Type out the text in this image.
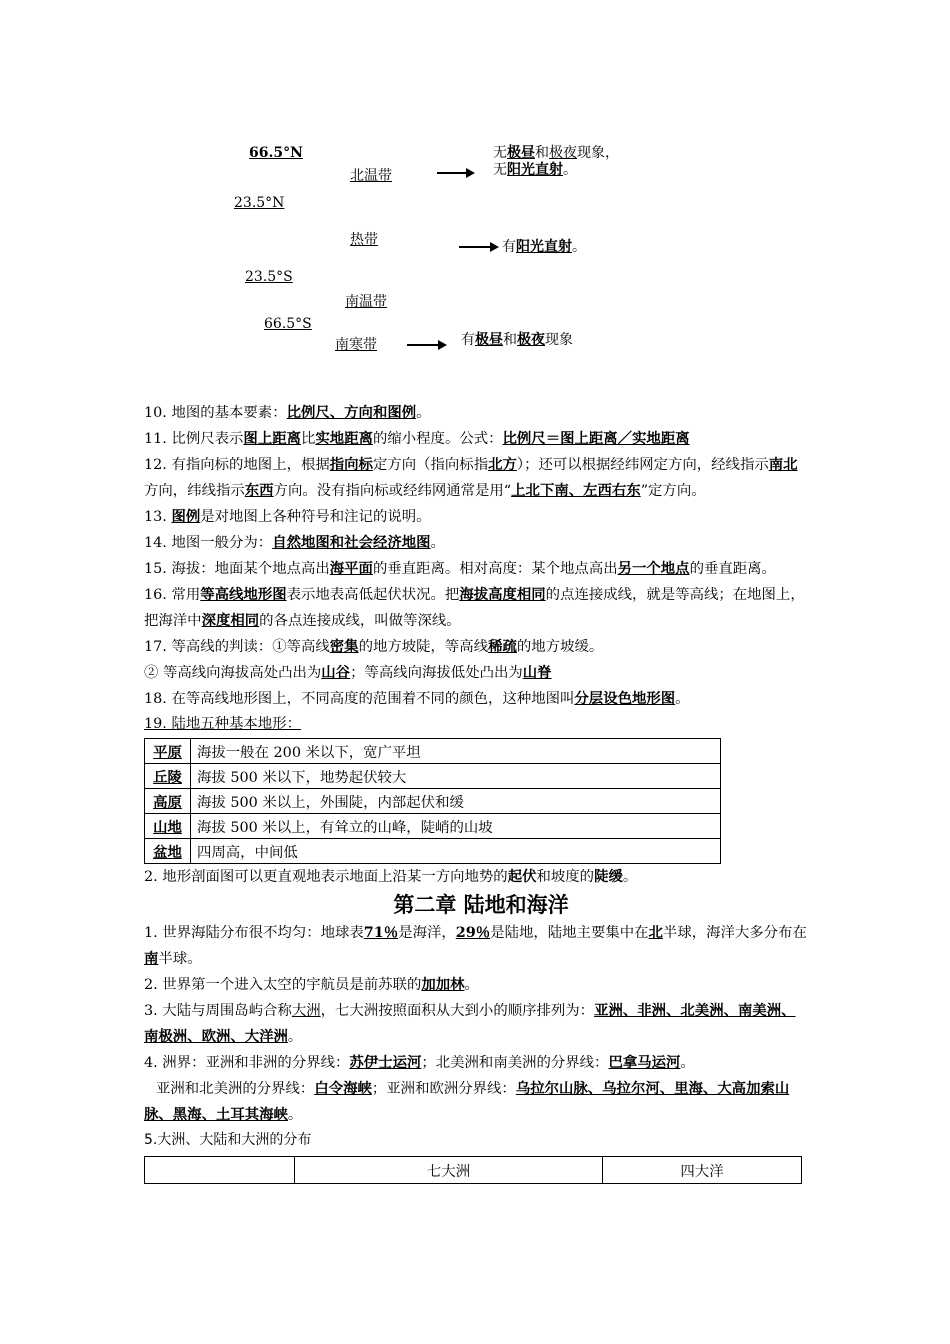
66.5°N
北温带
无极昼和极夜现象，
无阳光直射。
23.5°N
热带	有阳光直射。
23.5°S
南温带
66.5°S
南寒带	有极昼和极夜现象

10. 地图的基本要素：比例尺、方向和图例。

11. 比例尺表示图上距离比实地距离的缩小程度。公式：比例尺＝图上距离／实地距离

12. 有指向标的地图上，根据指向标定方向（指向标指北方）；还可以根据经纬网定方向，经线指示南北方向，纬线指示东西方向。没有指向标或经纬网通常是用“上北下南、左西右东”定方向。

13. 图例是对地图上各种符号和注记的说明。

14. 地图一般分为：自然地图和社会经济地图。

15. 海拔：地面某个地点高出海平面的垂直距离。相对高度：某个地点高出另一个地点的垂直距离。

16. 常用等高线地形图表示地表高低起伏状况。把海拔高度相同的点连接成线，就是等高线；在地图上，把海洋中深度相同的各点连接成线，叫做等深线。

17. 等高线的判读：①等高线密集的地方坡陡，等高线稀疏的地方坡缓。

② 等高线向海拔高处凸出为山谷；等高线向海拔低处凸出为山脊

18. 在等高线地形图上，不同高度的范围着不同的颜色，这种地图叫分层设色地形图。

19. 陆地五种基本地形：

平原	海拔一般在 200 米以下，宽广平坦
丘陵	海拔 500 米以下，地势起伏较大
高原	海拔 500 米以上，外围陡，内部起伏和缓
山地	海拔 500 米以上，有耸立的山峰，陡峭的山坡
盆地	四周高，中间低

2. 地形剖面图可以更直观地表示地面上沿某一方向地势的起伏和坡度的陡缓。

第二章 陆地和海洋

1. 世界海陆分布很不均匀：地球表71％是海洋，29％是陆地，陆地主要集中在北半球，海洋大多分布在南半球。

2. 世界第一个进入太空的宇航员是前苏联的加加林。

3. 大陆与周围岛屿合称大洲，七大洲按照面积从大到小的顺序排列为：亚洲、非洲、北美洲、南美洲、南极洲、欧洲、大洋洲。

4. 洲界：亚洲和非洲的分界线：苏伊士运河；北美洲和南美洲的分界线：巴拿马运河。

亚洲和北美洲的分界线：白令海峡；亚洲和欧洲分界线：乌拉尔山脉、乌拉尔河、里海、大高加索山脉、黑海、土耳其海峡。

5.大洲、大陆和大洲的分布

	七大洲	四大洋
